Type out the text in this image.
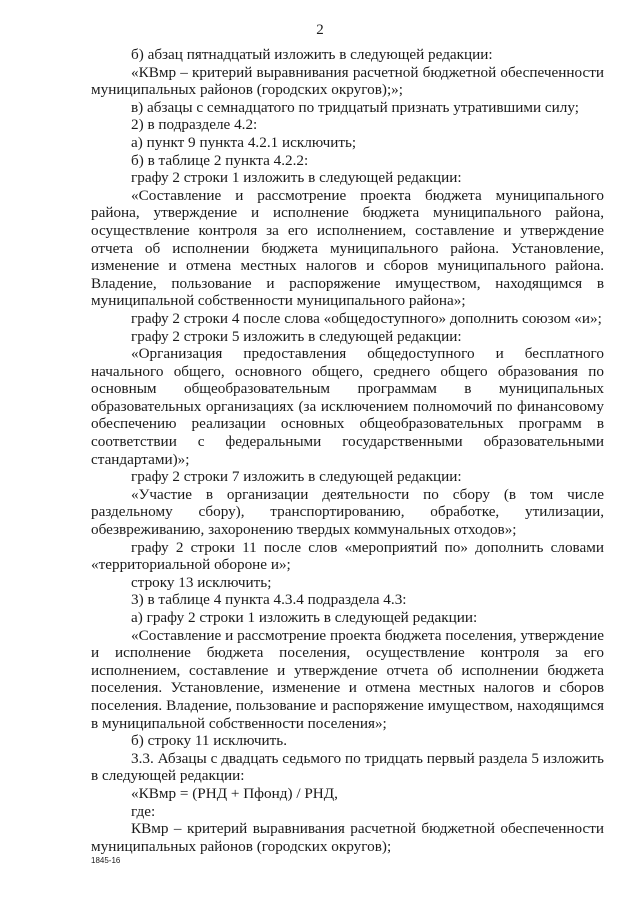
2

б) абзац пятнадцатый изложить в следующей редакции:

«КВмр – критерий выравнивания расчетной бюджетной обеспеченности муниципальных районов (городских округов);»;

в) абзацы с семнадцатого по тридцатый признать утратившими силу;

2) в подразделе 4.2:

а) пункт 9 пункта 4.2.1 исключить;

б) в таблице 2 пункта 4.2.2:

графу 2 строки 1 изложить в следующей редакции:

«Составление и рассмотрение проекта бюджета муниципального района, утверждение и исполнение бюджета муниципального района, осуществление контроля за его исполнением, составление и утверждение отчета об исполнении бюджета муниципального района. Установление, изменение и отмена местных налогов и сборов муниципального района. Владение, пользование и распоряжение имуществом, находящимся в муниципальной собственности муниципального района»;

графу 2 строки 4 после слова «общедоступного» дополнить союзом «и»;

графу 2 строки 5 изложить в следующей редакции:

«Организация предоставления общедоступного и бесплатного начального общего, основного общего, среднего общего образования по основным общеобразовательным программам в муниципальных образовательных организациях (за исключением полномочий по финансовому обеспечению реализации основных общеобразовательных программ в соответствии с федеральными государственными образовательными стандартами)»;

графу 2 строки 7 изложить в следующей редакции:

«Участие в организации деятельности по сбору (в том числе раздельному сбору), транспортированию, обработке, утилизации, обезвреживанию, захоронению твердых коммунальных отходов»;

графу 2 строки 11 после слов «мероприятий по» дополнить словами «территориальной обороне и»;

строку 13 исключить;

3) в таблице 4 пункта 4.3.4 подраздела 4.3:

а) графу 2 строки 1 изложить в следующей редакции:

«Составление и рассмотрение проекта бюджета поселения, утверждение и исполнение бюджета поселения, осуществление контроля за его исполнением, составление и утверждение отчета об исполнении бюджета поселения. Установление, изменение и отмена местных налогов и сборов поселения. Владение, пользование и распоряжение имуществом, находящимся в муниципальной собственности поселения»;

б) строку 11 исключить.

3.3. Абзацы с двадцать седьмого по тридцать первый раздела 5 изложить в следующей редакции:

«КВмр = (РНД + Пфонд) / РНД,

где:

КВмр – критерий выравнивания расчетной бюджетной обеспеченности муниципальных районов (городских округов);

1845-16
